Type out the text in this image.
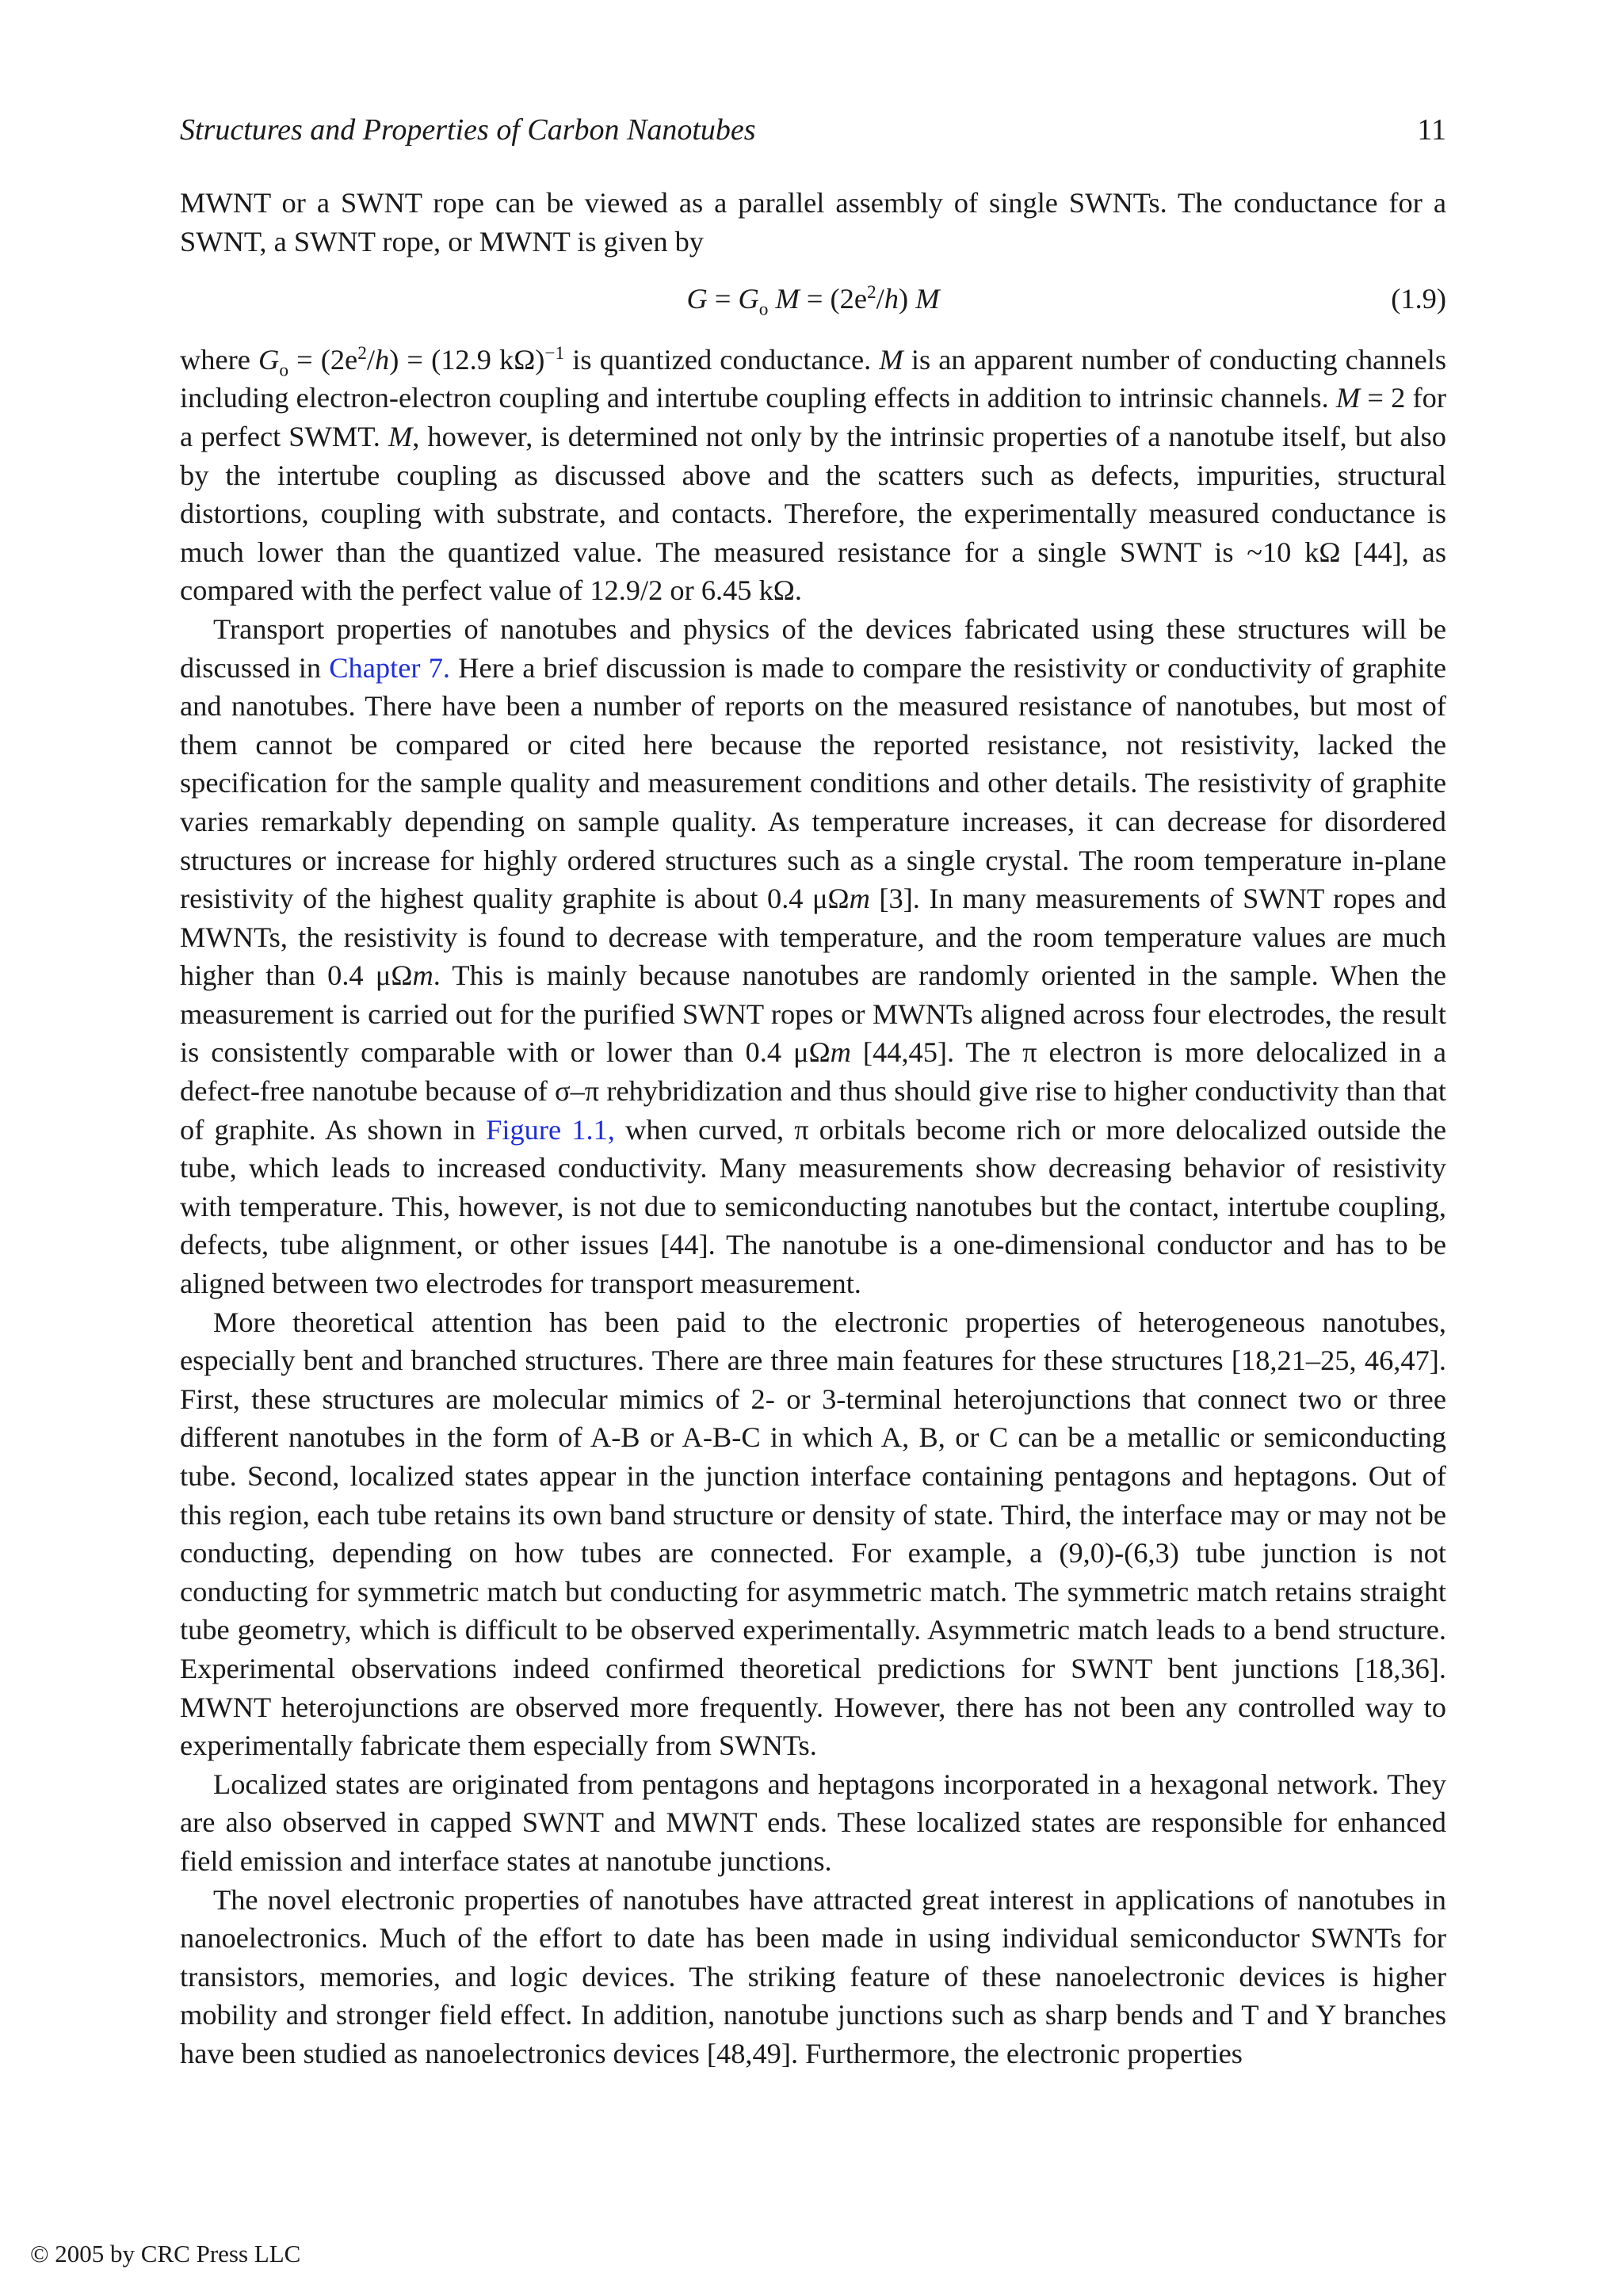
Structures and Properties of Carbon Nanotubes	11

MWNT or a SWNT rope can be viewed as a parallel assembly of single SWNTs. The conductance for a SWNT, a SWNT rope, or MWNT is given by

$G = G_o$ $M = (2e^2/h)$ M	(1.9)

where $G_o = (2e^2/h) = (12.9$ kΩ)$^{-1}$ is quantized conductance. M is an apparent number of conducting channels including electron-electron coupling and intertube coupling effects in addition to intrinsic channels. M = 2 for a perfect SWMT. M, however, is determined not only by the intrinsic properties of a nanotube itself, but also by the intertube coupling as discussed above and the scatters such as defects, impurities, structural distortions, coupling with substrate, and contacts. Therefore, the experimentally measured conductance is much lower than the quantized value. The measured resistance for a single SWNT is ~10 kΩ [44], as compared with the perfect value of 12.9/2 or 6.45 kΩ.

Transport properties of nanotubes and physics of the devices fabricated using these structures will be discussed in Chapter 7. Here a brief discussion is made to compare the resistivity or conductivity of graphite and nanotubes. There have been a number of reports on the measured resistance of nanotubes, but most of them cannot be compared or cited here because the reported resistance, not resistivity, lacked the specification for the sample quality and measurement conditions and other details. The resistivity of graphite varies remarkably depending on sample quality. As temperature increases, it can decrease for disordered structures or increase for highly ordered structures such as a single crystal. The room temperature in-plane resistivity of the highest quality graphite is about 0.4 μΩm [3]. In many measurements of SWNT ropes and MWNTs, the resistivity is found to decrease with temperature, and the room temperature values are much higher than 0.4 μΩm. This is mainly because nanotubes are randomly oriented in the sample. When the measurement is carried out for the purified SWNT ropes or MWNTs aligned across four electrodes, the result is consistently comparable with or lower than 0.4 μΩm [44,45]. The π electron is more delocalized in a defect-free nanotube because of σ–π rehybridization and thus should give rise to higher conductivity than that of graphite. As shown in Figure 1.1, when curved, π orbitals become rich or more delocalized outside the tube, which leads to increased conductivity. Many measurements show decreasing behavior of resistivity with temperature. This, however, is not due to semiconducting nanotubes but the contact, intertube coupling, defects, tube alignment, or other issues [44]. The nanotube is a one-dimensional conductor and has to be aligned between two electrodes for transport measurement.

More theoretical attention has been paid to the electronic properties of heterogeneous nanotubes, especially bent and branched structures. There are three main features for these structures [18,21–25, 46,47]. First, these structures are molecular mimics of 2- or 3-terminal heterojunctions that connect two or three different nanotubes in the form of A-B or A-B-C in which A, B, or C can be a metallic or semiconducting tube. Second, localized states appear in the junction interface containing pentagons and heptagons. Out of this region, each tube retains its own band structure or density of state. Third, the interface may or may not be conducting, depending on how tubes are connected. For example, a (9,0)-(6,3) tube junction is not conducting for symmetric match but conducting for asymmetric match. The symmetric match retains straight tube geometry, which is difficult to be observed experimentally. Asymmetric match leads to a bend structure. Experimental observations indeed confirmed theoretical predictions for SWNT bent junctions [18,36]. MWNT heterojunctions are observed more frequently. However, there has not been any controlled way to experimentally fabricate them especially from SWNTs.

Localized states are originated from pentagons and heptagons incorporated in a hexagonal network. They are also observed in capped SWNT and MWNT ends. These localized states are responsible for enhanced field emission and interface states at nanotube junctions.

The novel electronic properties of nanotubes have attracted great interest in applications of nanotubes in nanoelectronics. Much of the effort to date has been made in using individual semiconductor SWNTs for transistors, memories, and logic devices. The striking feature of these nanoelectronic devices is higher mobility and stronger field effect. In addition, nanotube junctions such as sharp bends and T and Y branches have been studied as nanoelectronics devices [48,49]. Furthermore, the electronic properties

© 2005 by CRC Press LLC
